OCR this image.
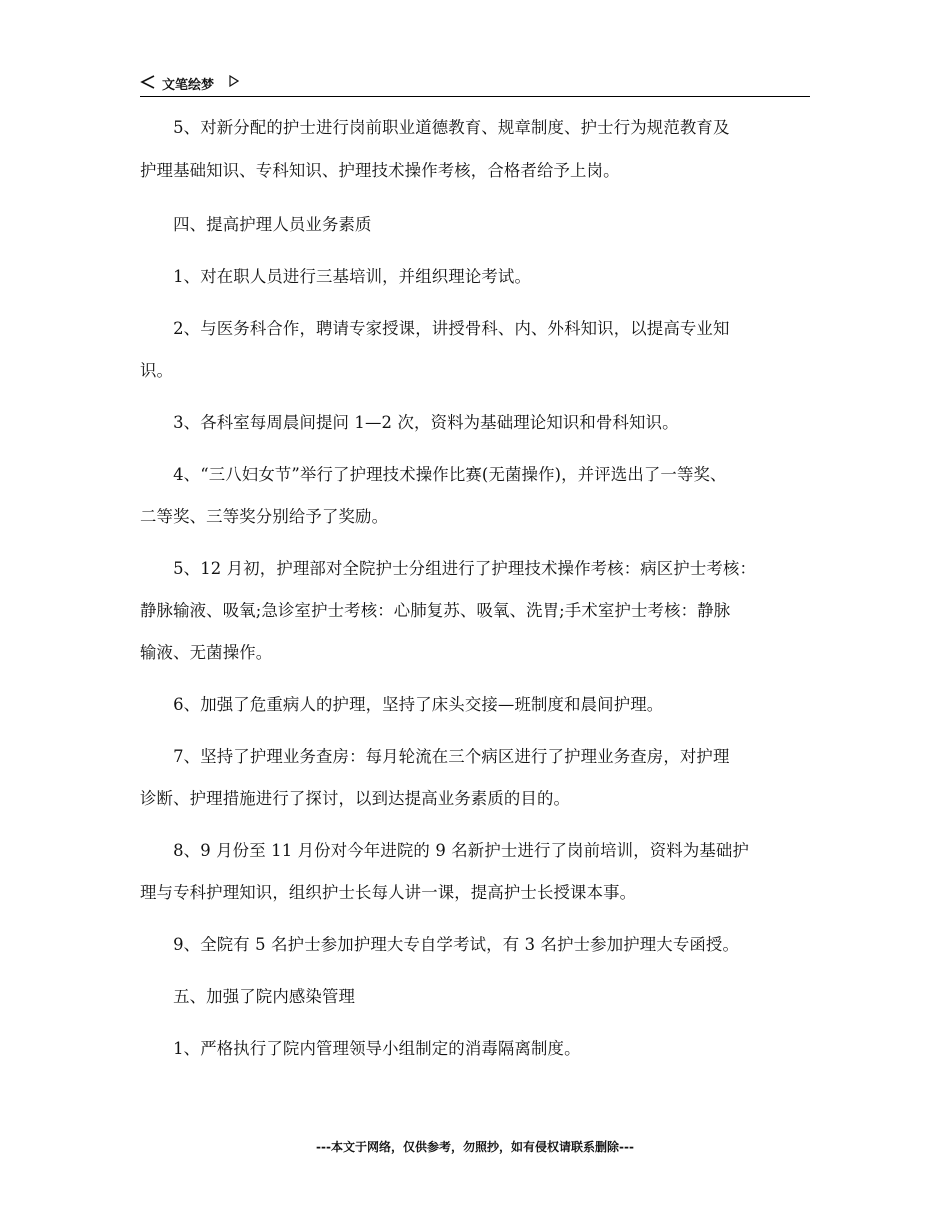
文笔绘梦
　　5、对新分配的护士进行岗前职业道德教育、规章制度、护士行为规范教育及
护理基础知识、专科知识、护理技术操作考核，合格者给予上岗。
　　四、提高护理人员业务素质
　　1、对在职人员进行三基培训，并组织理论考试。
　　2、与医务科合作，聘请专家授课，讲授骨科、内、外科知识，以提高专业知
识。
　　3、各科室每周晨间提问 1—2 次，资料为基础理论知识和骨科知识。
　　4、“三八妇女节”举行了护理技术操作比赛(无菌操作)，并评选出了一等奖、
二等奖、三等奖分别给予了奖励。
　　5、12 月初，护理部对全院护士分组进行了护理技术操作考核：病区护士考核：
静脉输液、吸氧;急诊室护士考核：心肺复苏、吸氧、洗胃;手术室护士考核：静脉
输液、无菌操作。
　　6、加强了危重病人的护理，坚持了床头交接—班制度和晨间护理。
　　7、坚持了护理业务查房：每月轮流在三个病区进行了护理业务查房，对护理
诊断、护理措施进行了探讨，以到达提高业务素质的目的。
　　8、9 月份至 11 月份对今年进院的 9 名新护士进行了岗前培训，资料为基础护
理与专科护理知识，组织护士长每人讲一课，提高护士长授课本事。
　　9、全院有 5 名护士参加护理大专自学考试，有 3 名护士参加护理大专函授。
　　五、加强了院内感染管理
　　1、严格执行了院内管理领导小组制定的消毒隔离制度。
---本文于网络，仅供参考，勿照抄，如有侵权请联系删除---
